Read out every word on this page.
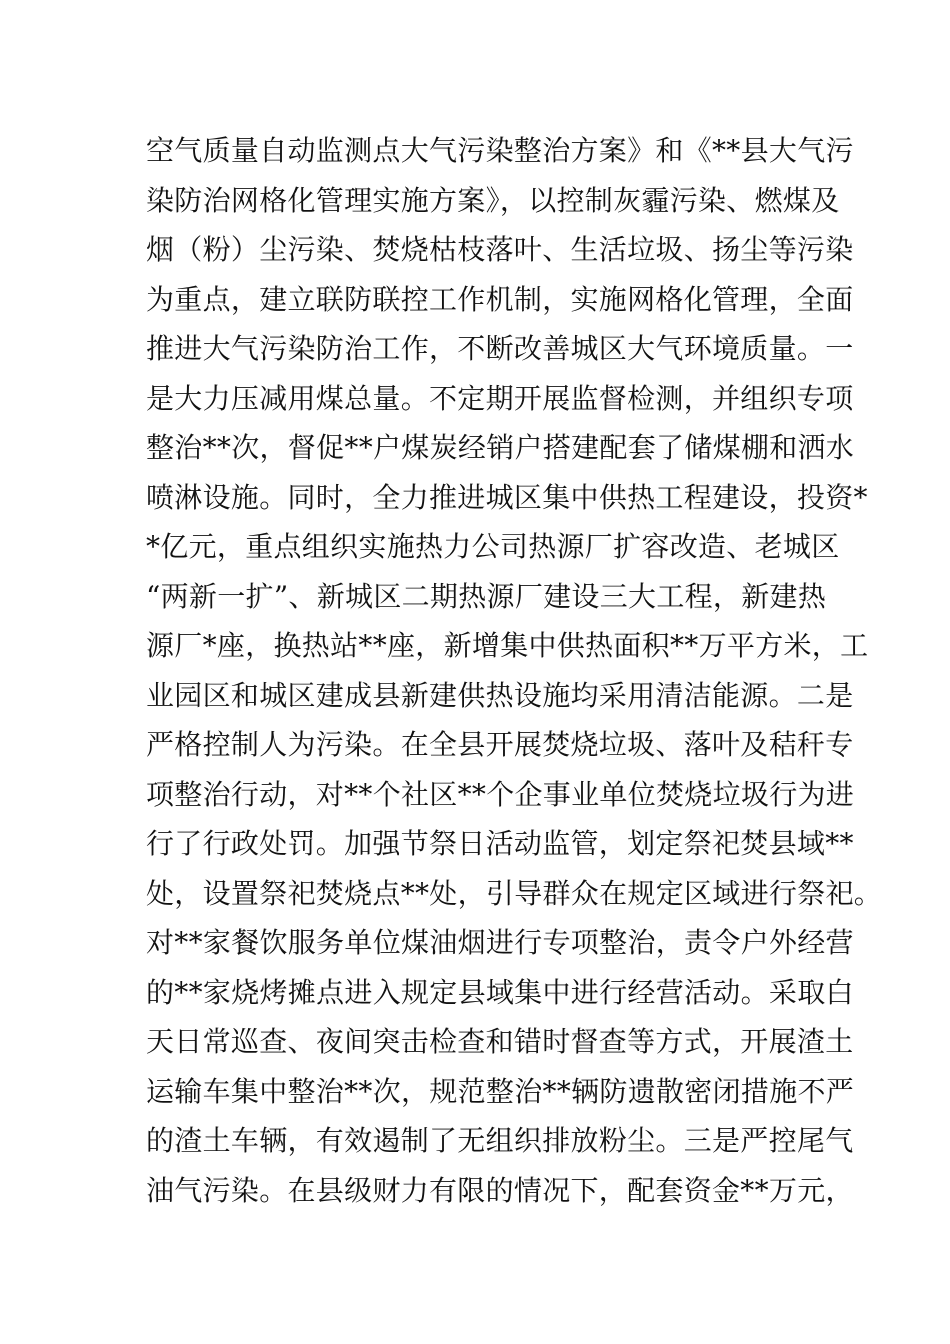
空气质量自动监测点大气污染整治方案》和《**县大气污
染防治网格化管理实施方案》，以控制灰霾污染、燃煤及
烟（粉）尘污染、焚烧枯枝落叶、生活垃圾、扬尘等污染
为重点，建立联防联控工作机制，实施网格化管理，全面
推进大气污染防治工作，不断改善城区大气环境质量。一
是大力压减用煤总量。不定期开展监督检测，并组织专项
整治**次，督促**户煤炭经销户搭建配套了储煤棚和洒水
喷淋设施。同时，全力推进城区集中供热工程建设，投资*
*亿元，重点组织实施热力公司热源厂扩容改造、老城区
“两新一扩”、新城区二期热源厂建设三大工程，新建热
源厂*座，换热站**座，新增集中供热面积**万平方米，工
业园区和城区建成县新建供热设施均采用清洁能源。二是
严格控制人为污染。在全县开展焚烧垃圾、落叶及秸秆专
项整治行动，对**个社区**个企事业单位焚烧垃圾行为进
行了行政处罚。加强节祭日活动监管，划定祭祀焚县域**
处，设置祭祀焚烧点**处，引导群众在规定区域进行祭祀。
对**家餐饮服务单位煤油烟进行专项整治，责令户外经营
的**家烧烤摊点进入规定县域集中进行经营活动。采取白
天日常巡查、夜间突击检查和错时督查等方式，开展渣土
运输车集中整治**次，规范整治**辆防遗散密闭措施不严
的渣土车辆，有效遏制了无组织排放粉尘。三是严控尾气
油气污染。在县级财力有限的情况下，配套资金**万元，
